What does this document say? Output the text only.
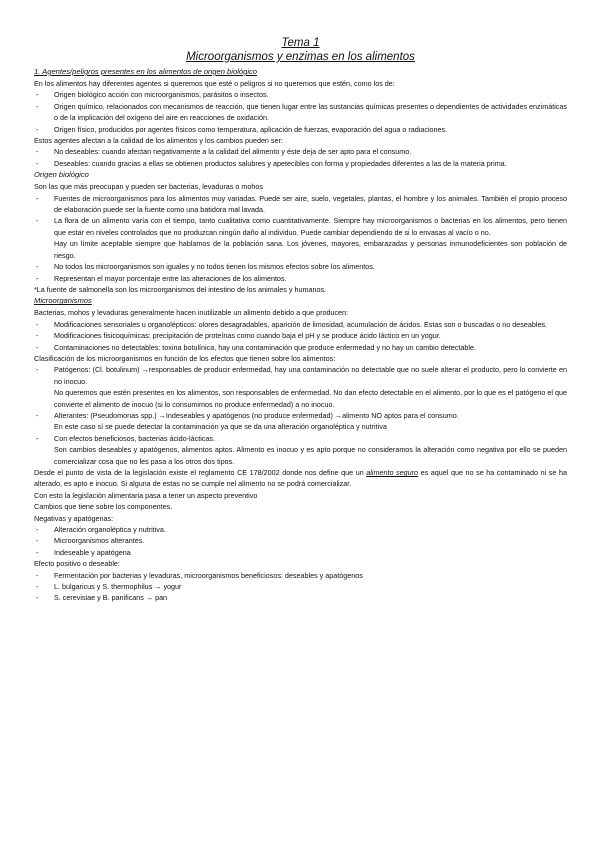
Tema 1
Microorganismos y enzimas en los alimentos
1. Agentes/peligros presentes en los alimentos de origen biológico
En los alimentos hay diferentes agentes si queremos que esté o peligros si no queremos que estén, como los de:
- Origen biológico acción con microorganismos, parásitos o insectos.
- Origen químico, relacionados con mecanismos de reacción, que tienen lugar entre las sustancias químicas presentes o dependientes de actividades enzimáticas o de la implicación del oxígeno del aire en reacciones de oxidación.
- Origen físico, producidos por agentes físicos como temperatura, aplicación de fuerzas, evaporación del agua o radiaciones.
Estos agentes afectan a la calidad de los alimentos y los cambios pueden ser:
- No deseables: cuando afectan negativamente a la calidad del alimento y éste deja de ser apto para el consumo.
- Deseables: cuando gracias a ellas se obtienen productos salubres y apetecibles con forma y propiedades diferentes a las de la materia prima.
Origen biológico
Son las que más preocupan y pueden ser bacterias, levaduras o mohos
- Fuentes de microorganismos para los alimentos muy variadas. Puede ser aire, suelo, vegetales, plantas, el hombre y los animales. También el propio proceso de elaboración puede ser la fuente como una batidora mal lavada.
- La flora de un alimento varía con el tiempo, tanto cualitativa como cuantitativamente. Siempre hay microorganismos o bacterias en los alimentos, pero tienen que estar en niveles controlados que no produzcan ningún daño al individuo. Puede cambiar dependiendo de si lo envasas al vacío o no.
Hay un límite aceptable siempre que hablamos de la población sana. Los jóvenes, mayores, embarazadas y personas inmunodeficientes son población de riesgo.
- No todos los microorganismos son iguales y no todos tienen los mismos efectos sobre los alimentos.
- Representan el mayor porcentaje entre las alteraciones de los alimentos.
*La fuente de salmonella son los microorganismos del intestino de los animales y humanos.
Microorganismos
Bacterias, mohos y levaduras generalmente hacen inutilizable un alimento debido a que producen:
- Modificaciones sensoriales u organolépticos: olores desagradables, aparición de limosidad, acumulación de ácidos. Estas son o buscadas o no deseables.
- Modificaciones fisicoquímicas: precipitación de proteínas como cuando baja el pH y se produce ácido láctico en un yogur.
- Contaminaciones no detectables: toxina botulínica, hay una contaminación que produce enfermedad y no hay un cambio detectable.
Clasificación de los microorganismos en función de los efectos que tienen sobre los alimentos:
- Patógenos: (Cl. botulinum) →responsables de producir enfermedad, hay una contaminación no detectable que no suele alterar el producto, pero lo convierte en no inocuo.
No queremos que estén presentes en los alimentos, son responsables de enfermedad. No dan efecto detectable en el alimento, por lo que es el patógeno el que convierte el alimento de inocuo (si lo consumimos no produce enfermedad) a no inocuo.
- Alterantes: (Pseudomonas spp.) →Indeseables y apatógenos (no produce enfermedad) →alimento NO aptos para el consumo.
En este caso sí se puede detectar la contaminación ya que se da una alteración organoléptica y nutritiva
- Con efectos beneficiosos, bacterias ácido-lácticas.
Son cambios deseables y apatógenos, alimentos aptos. Alimento es inocuo y es apto porque no consideramos la alteración como negativa por ello se pueden comercializar cosa que no les pasa a los otros dos tipos.
Desde el punto de vista de la legislación existe el reglamento CE 178/2002 donde nos define que un alimento seguro es aquel que no se ha contaminado ni se ha alterado, es apto e inocuo. Si alguna de estas no se cumple nel alimento no se podrá comercializar.
Con esto la legislación alimentaria pasa a tener un aspecto preventivo
Cambios que tiene sobre los componentes.
Negativas y apatógenas:
- Alteración organoléptica y nutritiva.
- Microorganismos alterantes.
- Indeseable y apatógena
Efecto positivo o deseable:
- Fermentación por bacterias y levaduras, microorganismos beneficiosos: deseables y apatógenos
- L. bulgaricus y S. thermophilus → yogur
- S. cerevisiae y B. panificans → pan
